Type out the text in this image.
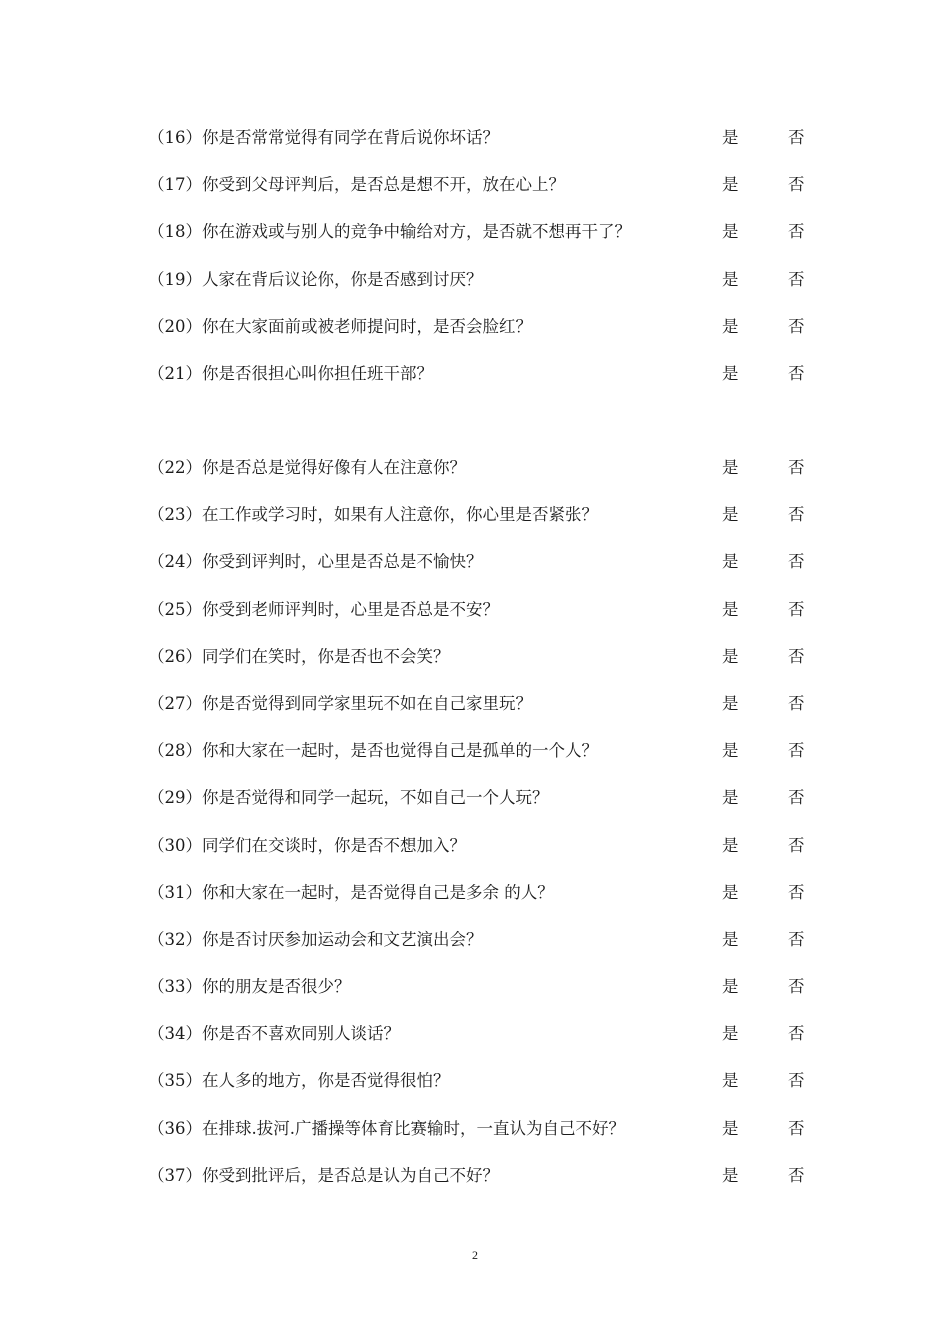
（16）你是否常常觉得有同学在背后说你坏话？	是	否
（17）你受到父母评判后，是否总是想不开，放在心上？	是	否
（18）你在游戏或与别人的竞争中输给对方，是否就不想再干了？	是	否
（19）人家在背后议论你，你是否感到讨厌？	是	否
（20）你在大家面前或被老师提问时，是否会脸红？	是	否
（21）你是否很担心叫你担任班干部？	是	否
（22）你是否总是觉得好像有人在注意你？	是	否
（23）在工作或学习时，如果有人注意你，你心里是否紧张？	是	否
（24）你受到评判时，心里是否总是不愉快？	是	否
（25）你受到老师评判时，心里是否总是不安？	是	否
（26）同学们在笑时，你是否也不会笑？	是	否
（27）你是否觉得到同学家里玩不如在自己家里玩？	是	否
（28）你和大家在一起时，是否也觉得自己是孤单的一个人？	是	否
（29）你是否觉得和同学一起玩，不如自己一个人玩？	是	否
（30）同学们在交谈时，你是否不想加入？	是	否
（31）你和大家在一起时，是否觉得自己是多余 的人？	是	否
（32）你是否讨厌参加运动会和文艺演出会？	是	否
（33）你的朋友是否很少？	是	否
（34）你是否不喜欢同别人谈话？	是	否
（35）在人多的地方，你是否觉得很怕？	是	否
（36）在排球.拔河.广播操等体育比赛输时，一直认为自己不好？	是	否
（37）你受到批评后，是否总是认为自己不好？	是	否
2
